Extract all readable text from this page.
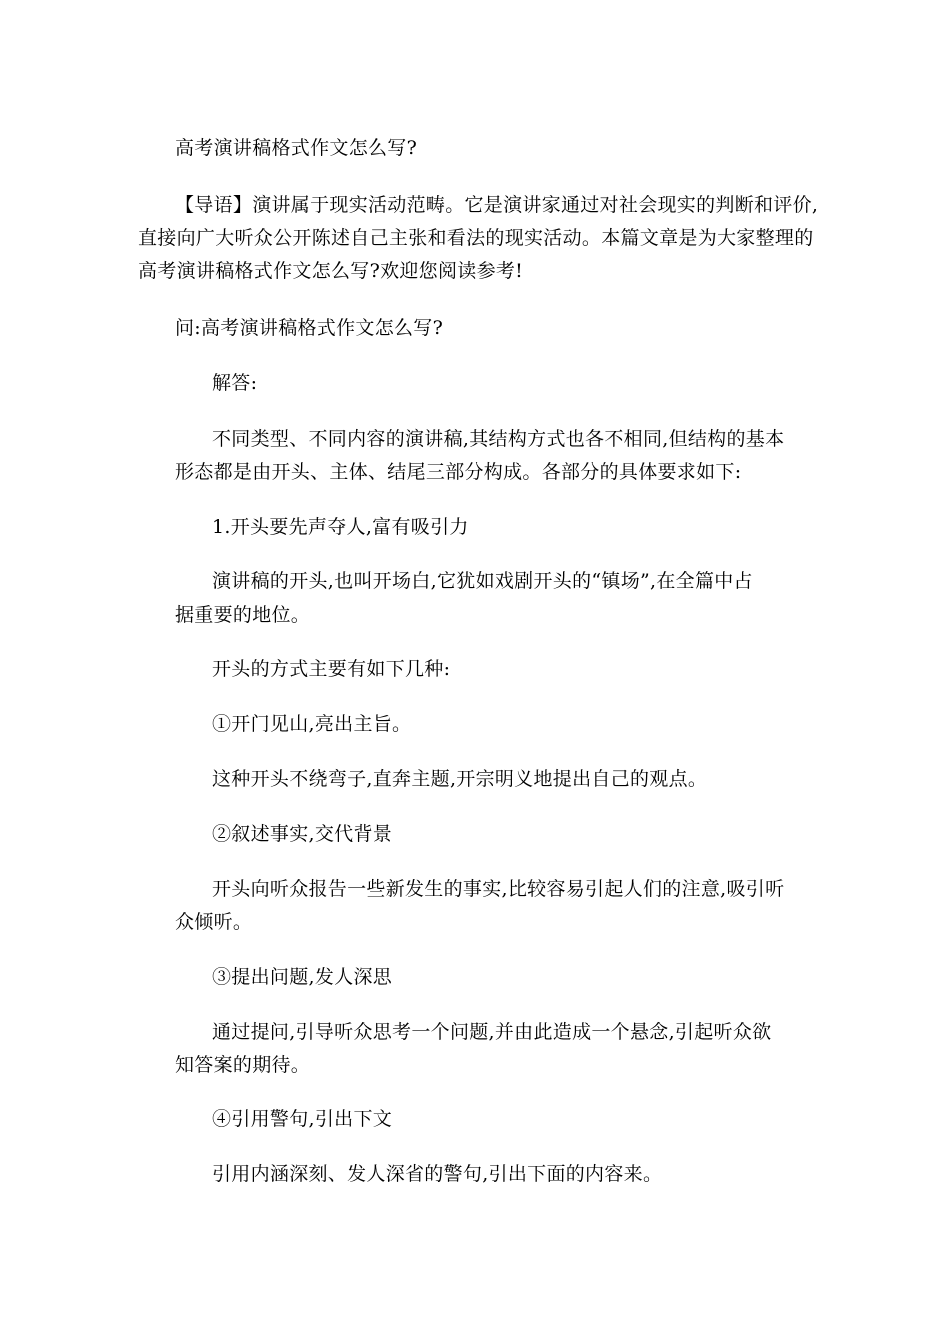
高考演讲稿格式作文怎么写?
【导语】演讲属于现实活动范畴。它是演讲家通过对社会现实的判断和评价,
直接向广大听众公开陈述自己主张和看法的现实活动。本篇文章是为大家整理的
高考演讲稿格式作文怎么写?欢迎您阅读参考!
问:高考演讲稿格式作文怎么写?
解答:
不同类型、不同内容的演讲稿,其结构方式也各不相同,但结构的基本
形态都是由开头、主体、结尾三部分构成。各部分的具体要求如下:
1.开头要先声夺人,富有吸引力
演讲稿的开头,也叫开场白,它犹如戏剧开头的“镇场”,在全篇中占
据重要的地位。
开头的方式主要有如下几种:
①开门见山,亮出主旨。
这种开头不绕弯子,直奔主题,开宗明义地提出自己的观点。
②叙述事实,交代背景
开头向听众报告一些新发生的事实,比较容易引起人们的注意,吸引听
众倾听。
③提出问题,发人深思
通过提问,引导听众思考一个问题,并由此造成一个悬念,引起听众欲
知答案的期待。
④引用警句,引出下文
引用内涵深刻、发人深省的警句,引出下面的内容来。
